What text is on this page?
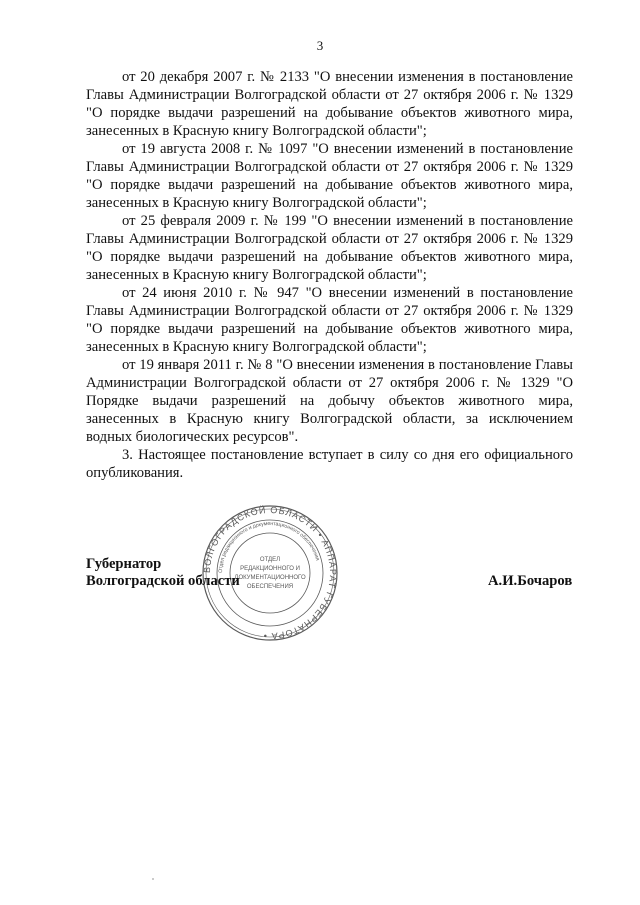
3

от 20 декабря 2007 г. № 2133 "О внесении изменения в постановление Главы Администрации Волгоградской области от 27 октября 2006 г. № 1329 "О порядке выдачи разрешений на добывание объектов животного мира, занесенных в Красную книгу Волгоградской области";

от 19 августа 2008 г. № 1097 "О внесении изменений в постановление Главы Администрации Волгоградской области от 27 октября 2006 г. № 1329 "О порядке выдачи разрешений на добывание объектов животного мира, занесенных в Красную книгу Волгоградской области";

от 25 февраля 2009 г. № 199 "О внесении изменений в постановление Главы Администрации Волгоградской области от 27 октября 2006 г. № 1329 "О порядке выдачи разрешений на добывание объектов животного мира, занесенных в Красную книгу Волгоградской области";

от 24 июня 2010 г. № 947 "О внесении изменений в постановление Главы Администрации Волгоградской области от 27 октября 2006 г. № 1329 "О порядке выдачи разрешений на добывание объектов животного мира, занесенных в Красную книгу Волгоградской области";

от 19 января 2011 г. № 8 "О внесении изменения в постановление Главы Администрации Волгоградской области от 27 октября 2006 г. № 1329 "О Порядке выдачи разрешений на добычу объектов животного мира, занесенных в Красную книгу Волгоградской области, за исключением водных биологических ресурсов".

3. Настоящее постановление вступает в силу со дня его официального опубликования.

ВОЛГОГРАДСКОЙ ОБЛАСТИ • АППАРАТ ГУБЕРНАТОРА •
Отдел редакционного и документационного обеспечения
ОТДЕЛ
РЕДАКЦИОННОГО И
ДОКУМЕНТАЦИОННОГО
ОБЕСПЕЧЕНИЯ
Губернатор
Волгоградской области	А.И.Бочаров
